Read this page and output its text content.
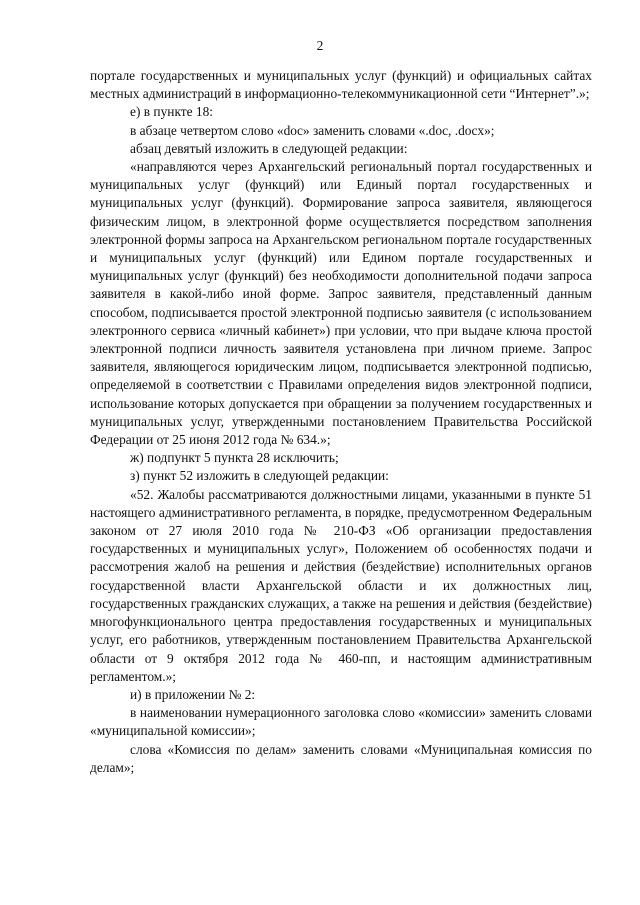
2

портале государственных и муниципальных услуг (функций) и официальных сайтах местных администраций в информационно-телекоммуникационной сети “Интернет”.»;

е) в пункте 18:

в абзаце четвертом слово «doc» заменить словами «.doc, .docx»;

абзац девятый изложить в следующей редакции:

«направляются через Архангельский региональный портал государственных и муниципальных услуг (функций) или Единый портал государственных и муниципальных услуг (функций). Формирование запроса заявителя, являющегося физическим лицом, в электронной форме осуществляется посредством заполнения электронной формы запроса на Архангельском региональном портале государственных и муниципальных услуг (функций) или Едином портале государственных и муниципальных услуг (функций) без необходимости дополнительной подачи запроса заявителя в какой-либо иной форме. Запрос заявителя, представленный данным способом, подписывается простой электронной подписью заявителя (с использованием электронного сервиса «личный кабинет») при условии, что при выдаче ключа простой электронной подписи личность заявителя установлена при личном приеме. Запрос заявителя, являющегося юридическим лицом, подписывается электронной подписью, определяемой в соответствии с Правилами определения видов электронной подписи, использование которых допускается при обращении за получением государственных и муниципальных услуг, утвержденными постановлением Правительства Российской Федерации от 25 июня 2012 года № 634.»;

ж) подпункт 5 пункта 28 исключить;

з) пункт 52 изложить в следующей редакции:

«52. Жалобы рассматриваются должностными лицами, указанными в пункте 51 настоящего административного регламента, в порядке, предусмотренном Федеральным законом от 27 июля 2010 года № 210-ФЗ «Об организации предоставления государственных и муниципальных услуг», Положением об особенностях подачи и рассмотрения жалоб на решения и действия (бездействие) исполнительных органов государственной власти Архангельской области и их должностных лиц, государственных гражданских служащих, а также на решения и действия (бездействие) многофункционального центра предоставления государственных и муниципальных услуг, его работников, утвержденным постановлением Правительства Архангельской области от 9 октября 2012 года № 460-пп, и настоящим административным регламентом.»;

и) в приложении № 2:

в наименовании нумерационного заголовка слово «комиссии» заменить словами «муниципальной комиссии»;

слова «Комиссия по делам» заменить словами «Муниципальная комиссия по делам»;
